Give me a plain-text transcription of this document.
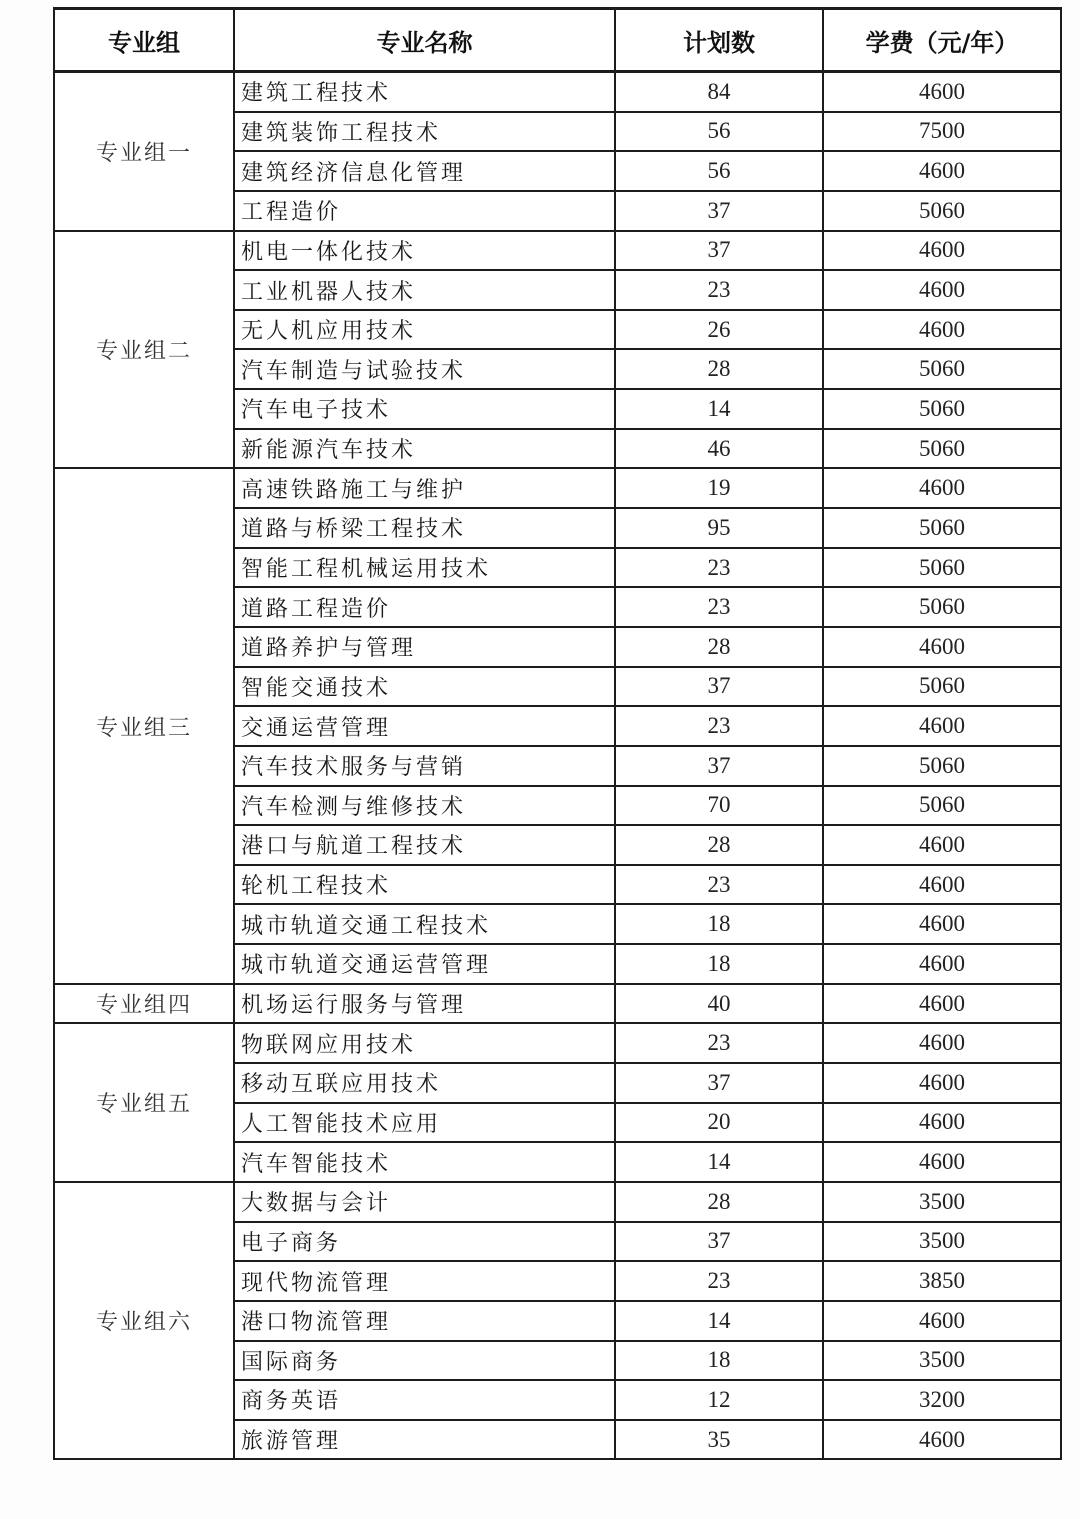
专业组	专业名称	计划数	学费（元/年）
专业组一	建筑工程技术	84	4600
	建筑装饰工程技术	56	7500
	建筑经济信息化管理	56	4600
	工程造价	37	5060
专业组二	机电一体化技术	37	4600
	工业机器人技术	23	4600
	无人机应用技术	26	4600
	汽车制造与试验技术	28	5060
	汽车电子技术	14	5060
	新能源汽车技术	46	5060
专业组三	高速铁路施工与维护	19	4600
	道路与桥梁工程技术	95	5060
	智能工程机械运用技术	23	5060
	道路工程造价	23	5060
	道路养护与管理	28	4600
	智能交通技术	37	5060
	交通运营管理	23	4600
	汽车技术服务与营销	37	5060
	汽车检测与维修技术	70	5060
	港口与航道工程技术	28	4600
	轮机工程技术	23	4600
	城市轨道交通工程技术	18	4600
	城市轨道交通运营管理	18	4600
专业组四	机场运行服务与管理	40	4600
专业组五	物联网应用技术	23	4600
	移动互联应用技术	37	4600
	人工智能技术应用	20	4600
	汽车智能技术	14	4600
专业组六	大数据与会计	28	3500
	电子商务	37	3500
	现代物流管理	23	3850
	港口物流管理	14	4600
	国际商务	18	3500
	商务英语	12	3200
	旅游管理	35	4600
